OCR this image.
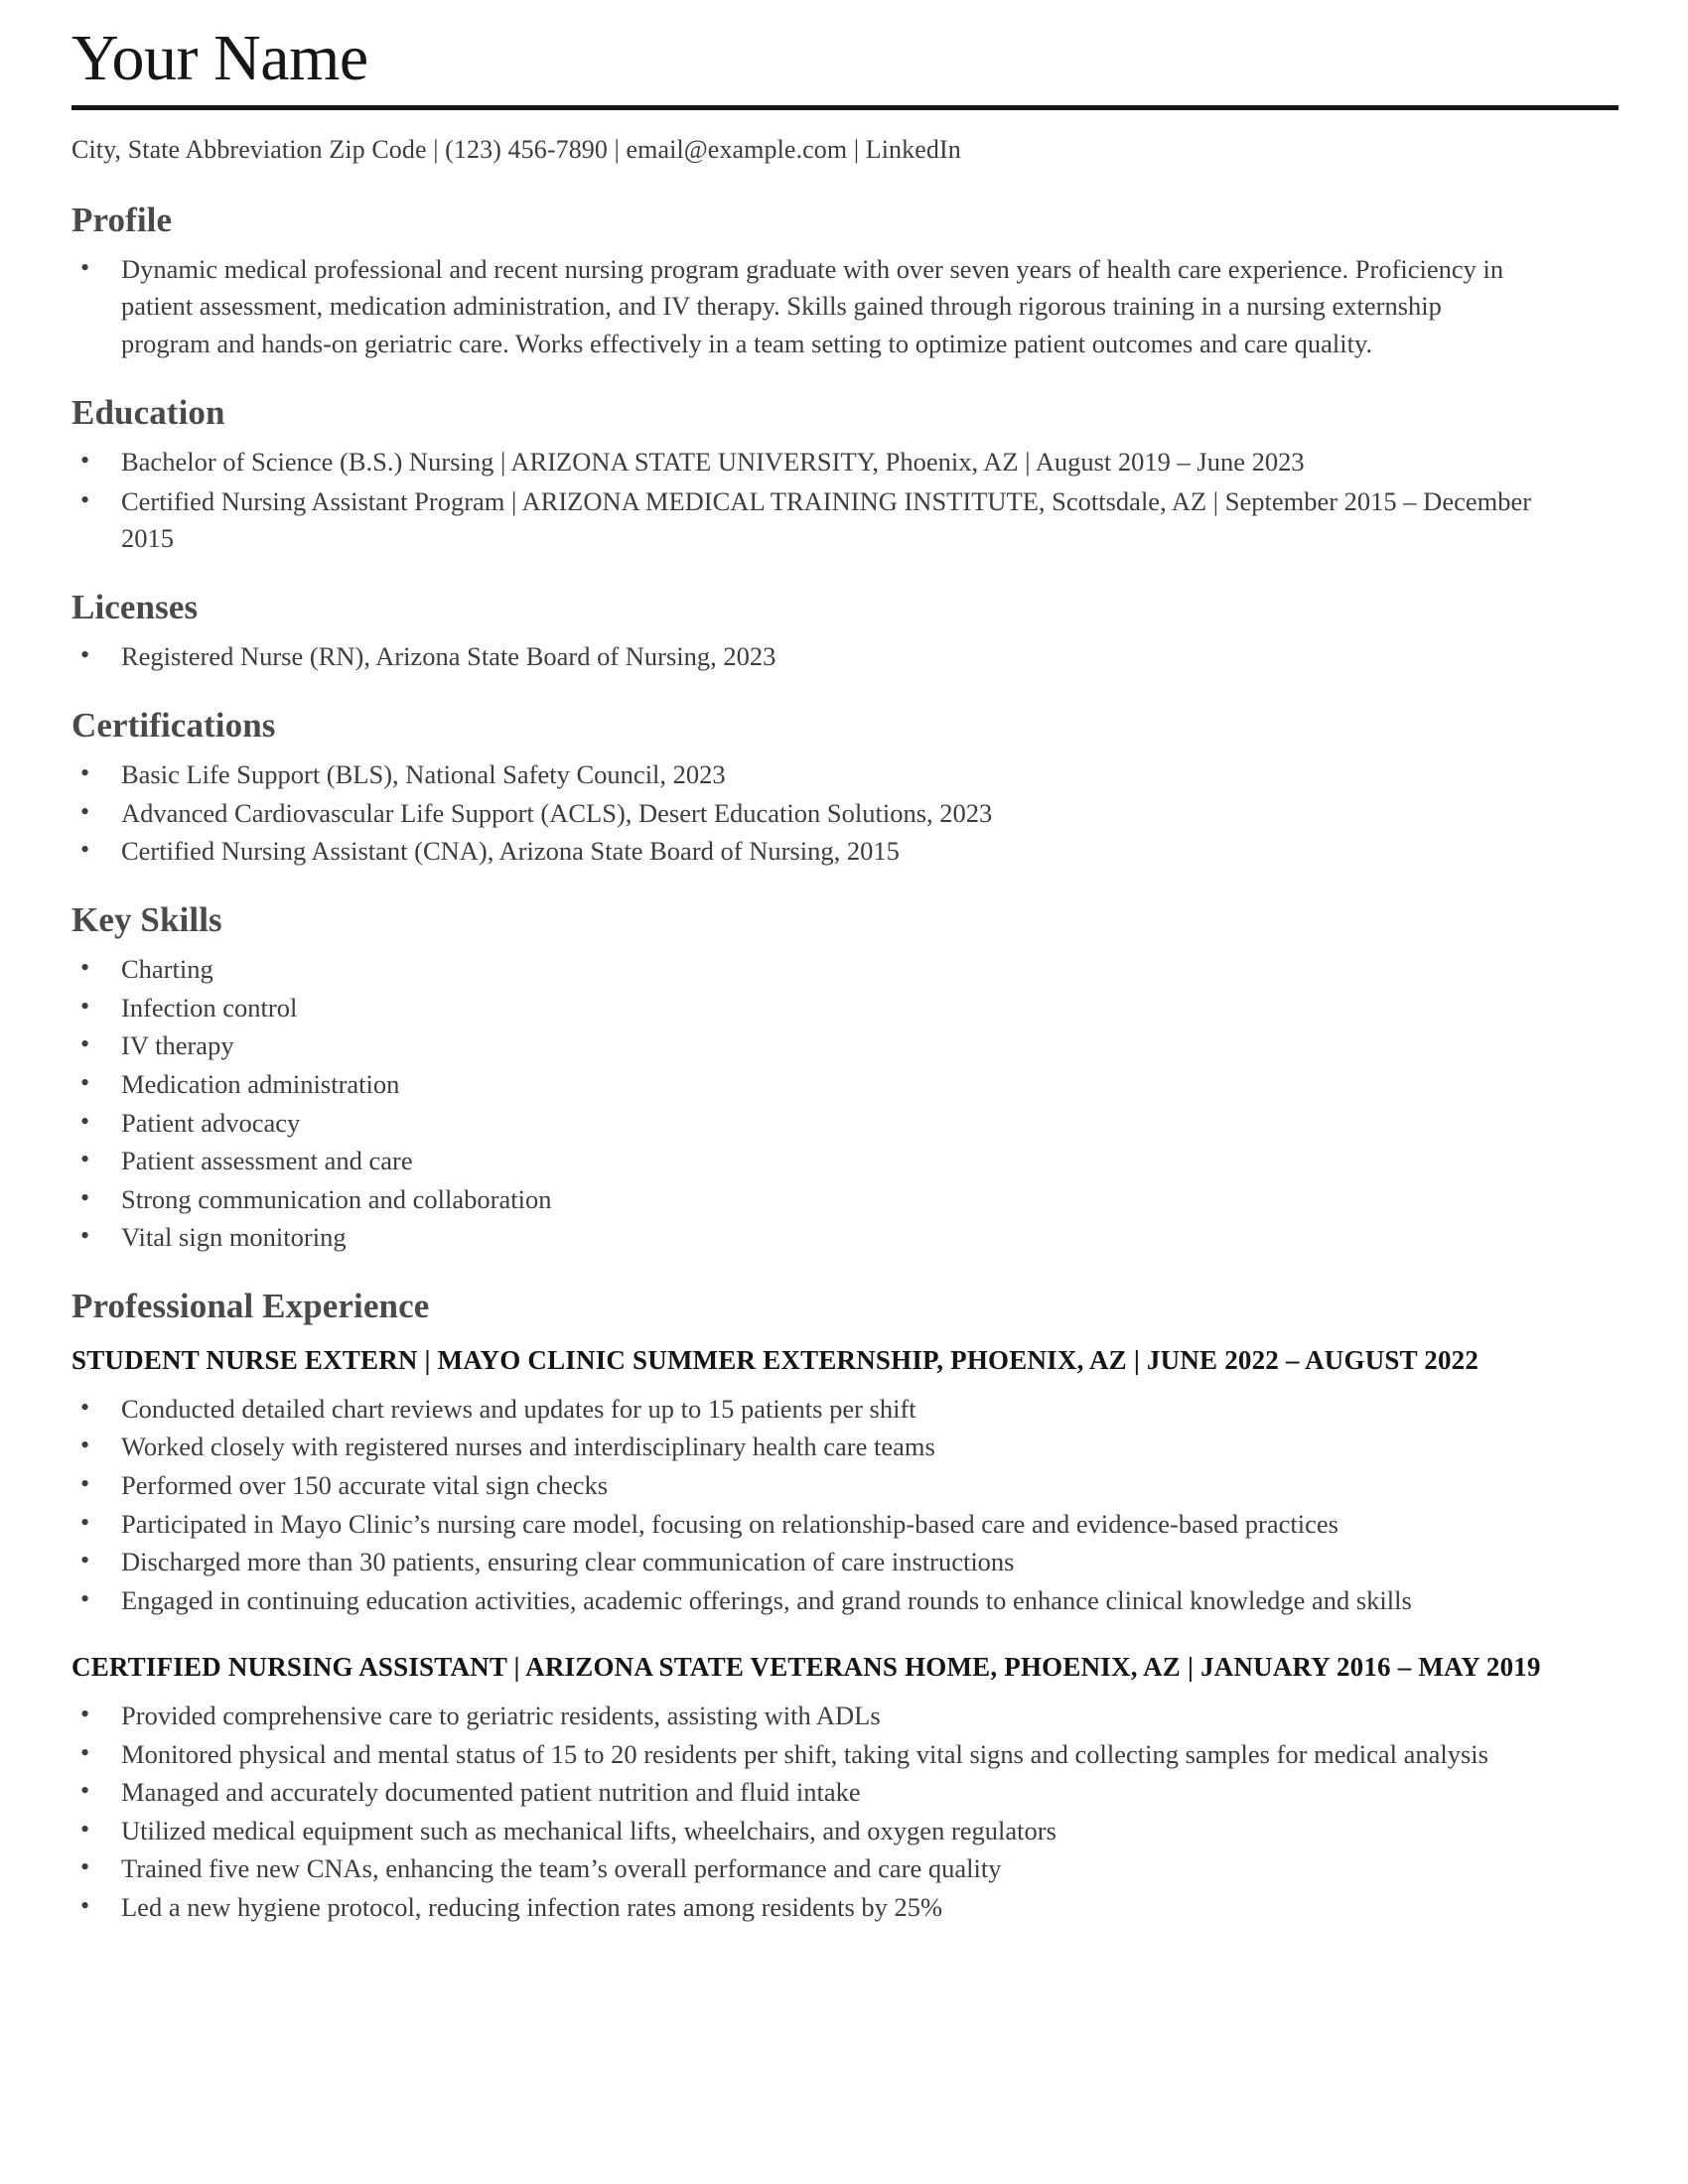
Your Name
City, State Abbreviation Zip Code | (123) 456-7890 | email@example.com | LinkedIn
Profile
• Dynamic medical professional and recent nursing program graduate with over seven years of health care experience. Proficiency in patient assessment, medication administration, and IV therapy. Skills gained through rigorous training in a nursing externship program and hands-on geriatric care. Works effectively in a team setting to optimize patient outcomes and care quality.
Education
• Bachelor of Science (B.S.) Nursing | ARIZONA STATE UNIVERSITY, Phoenix, AZ | August 2019 – June 2023
• Certified Nursing Assistant Program | ARIZONA MEDICAL TRAINING INSTITUTE, Scottsdale, AZ | September 2015 – December 2015
Licenses
• Registered Nurse (RN), Arizona State Board of Nursing, 2023
Certifications
• Basic Life Support (BLS), National Safety Council, 2023
• Advanced Cardiovascular Life Support (ACLS), Desert Education Solutions, 2023
• Certified Nursing Assistant (CNA), Arizona State Board of Nursing, 2015
Key Skills
• Charting
• Infection control
• IV therapy
• Medication administration
• Patient advocacy
• Patient assessment and care
• Strong communication and collaboration
• Vital sign monitoring
Professional Experience
STUDENT NURSE EXTERN | MAYO CLINIC SUMMER EXTERNSHIP, PHOENIX, AZ | JUNE 2022 – AUGUST 2022
• Conducted detailed chart reviews and updates for up to 15 patients per shift
• Worked closely with registered nurses and interdisciplinary health care teams
• Performed over 150 accurate vital sign checks
• Participated in Mayo Clinic’s nursing care model, focusing on relationship-based care and evidence-based practices
• Discharged more than 30 patients, ensuring clear communication of care instructions
• Engaged in continuing education activities, academic offerings, and grand rounds to enhance clinical knowledge and skills
CERTIFIED NURSING ASSISTANT | ARIZONA STATE VETERANS HOME, PHOENIX, AZ | JANUARY 2016 – MAY 2019
• Provided comprehensive care to geriatric residents, assisting with ADLs
• Monitored physical and mental status of 15 to 20 residents per shift, taking vital signs and collecting samples for medical analysis
• Managed and accurately documented patient nutrition and fluid intake
• Utilized medical equipment such as mechanical lifts, wheelchairs, and oxygen regulators
• Trained five new CNAs, enhancing the team’s overall performance and care quality
• Led a new hygiene protocol, reducing infection rates among residents by 25%
